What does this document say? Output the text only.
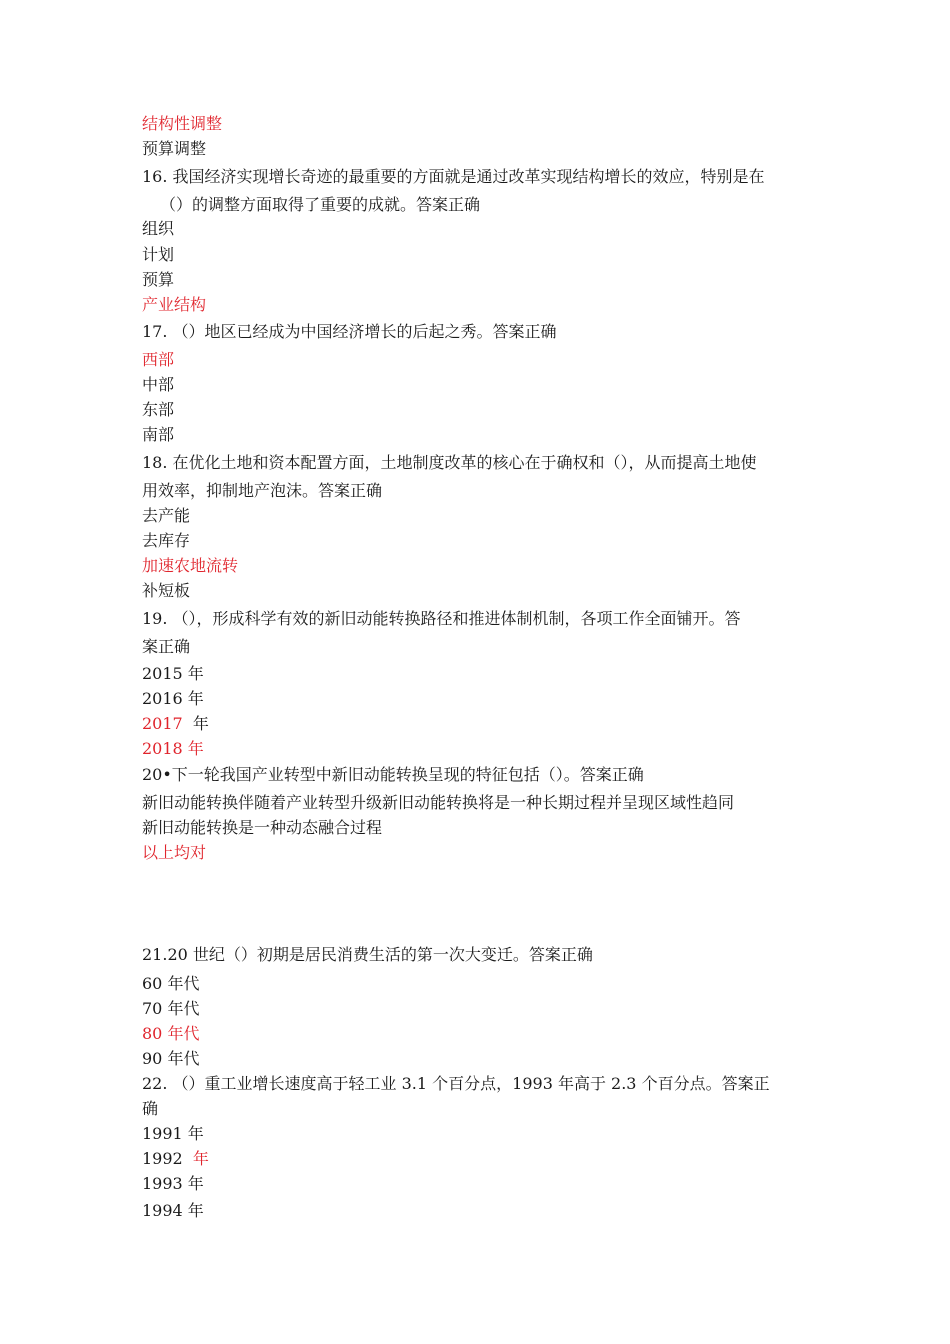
结构性调整
预算调整
16. 我国经济实现增长奇迹的最重要的方面就是通过改革实现结构增长的效应，特别是在
（）的调整方面取得了重要的成就。答案正确
组织
计划
预算
产业结构
17. （）地区已经成为中国经济增长的后起之秀。答案正确
西部
中部
东部
南部
18. 在优化土地和资本配置方面，土地制度改革的核心在于确权和（），从而提高土地使
用效率，抑制地产泡沫。答案正确
去产能
去库存
加速农地流转
补短板
19. （），形成科学有效的新旧动能转换路径和推进体制机制，各项工作全面铺开。答
案正确
2015 年
2016 年
2017  年
2018 年
20•下一轮我国产业转型中新旧动能转换呈现的特征包括（）。答案正确
新旧动能转换伴随着产业转型升级新旧动能转换将是一种长期过程并呈现区域性趋同
新旧动能转换是一种动态融合过程
以上均对
21.20 世纪（）初期是居民消费生活的第一次大变迁。答案正确
60 年代
70 年代
80 年代
90 年代
22. （）重工业增长速度高于轻工业 3.1 个百分点，1993 年高于 2.3 个百分点。答案正
确
1991 年
1992  年
1993 年
1994 年
